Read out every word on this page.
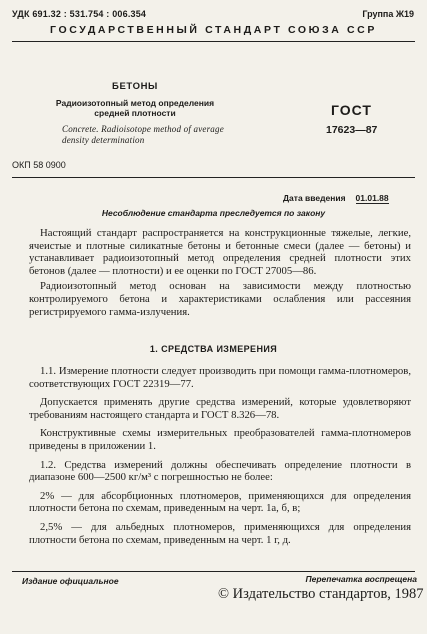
УДК 691.32 : 531.754 : 006.354	Группа Ж19
ГОСУДАРСТВЕННЫЙ СТАНДАРТ СОЮЗА ССР
БЕТОНЫ
Радиоизотопный метод определения
средней плотности
Concrete. Radioisotope method of average
density determination
ГОСТ
17623—87
ОКП 58 0900
Дата введения 01.01.88
Несоблюдение стандарта преследуется по закону

Настоящий стандарт распространяется на конструкционные тяжелые, легкие, ячеистые и плотные силикатные бетоны и бетонные смеси (далее — бетоны) и устанавливает радиоизотопный метод определения средней плотности этих бетонов (далее — плотности) и ее оценки по ГОСТ 27005—86.

Радиоизотопный метод основан на зависимости между плотностью контролируемого бетона и характеристиками ослабления или рассеяния регистрируемого гамма-излучения.

1. СРЕДСТВА ИЗМЕРЕНИЯ

1.1. Измерение плотности следует производить при помощи гамма-плотномеров, соответствующих ГОСТ 22319—77.

Допускается применять другие средства измерений, которые удовлетворяют требованиям настоящего стандарта и ГОСТ 8.326—78.

Конструктивные схемы измерительных преобразователей гамма-плотномеров приведены в приложении 1.

1.2. Средства измерений должны обеспечивать определение плотности в диапазоне 600—2500 кг/м³ с погрешностью не более:

2% — для абсорбционных плотномеров, применяющихся для определения плотности бетона по схемам, приведенным на черт. 1а, б, в;

2,5% — для альбедных плотномеров, применяющихся для определения плотности бетона по схемам, приведенным на черт. 1 г, д.

Издание официальное	Перепечатка воспрещена
© Издательство стандартов, 1987
